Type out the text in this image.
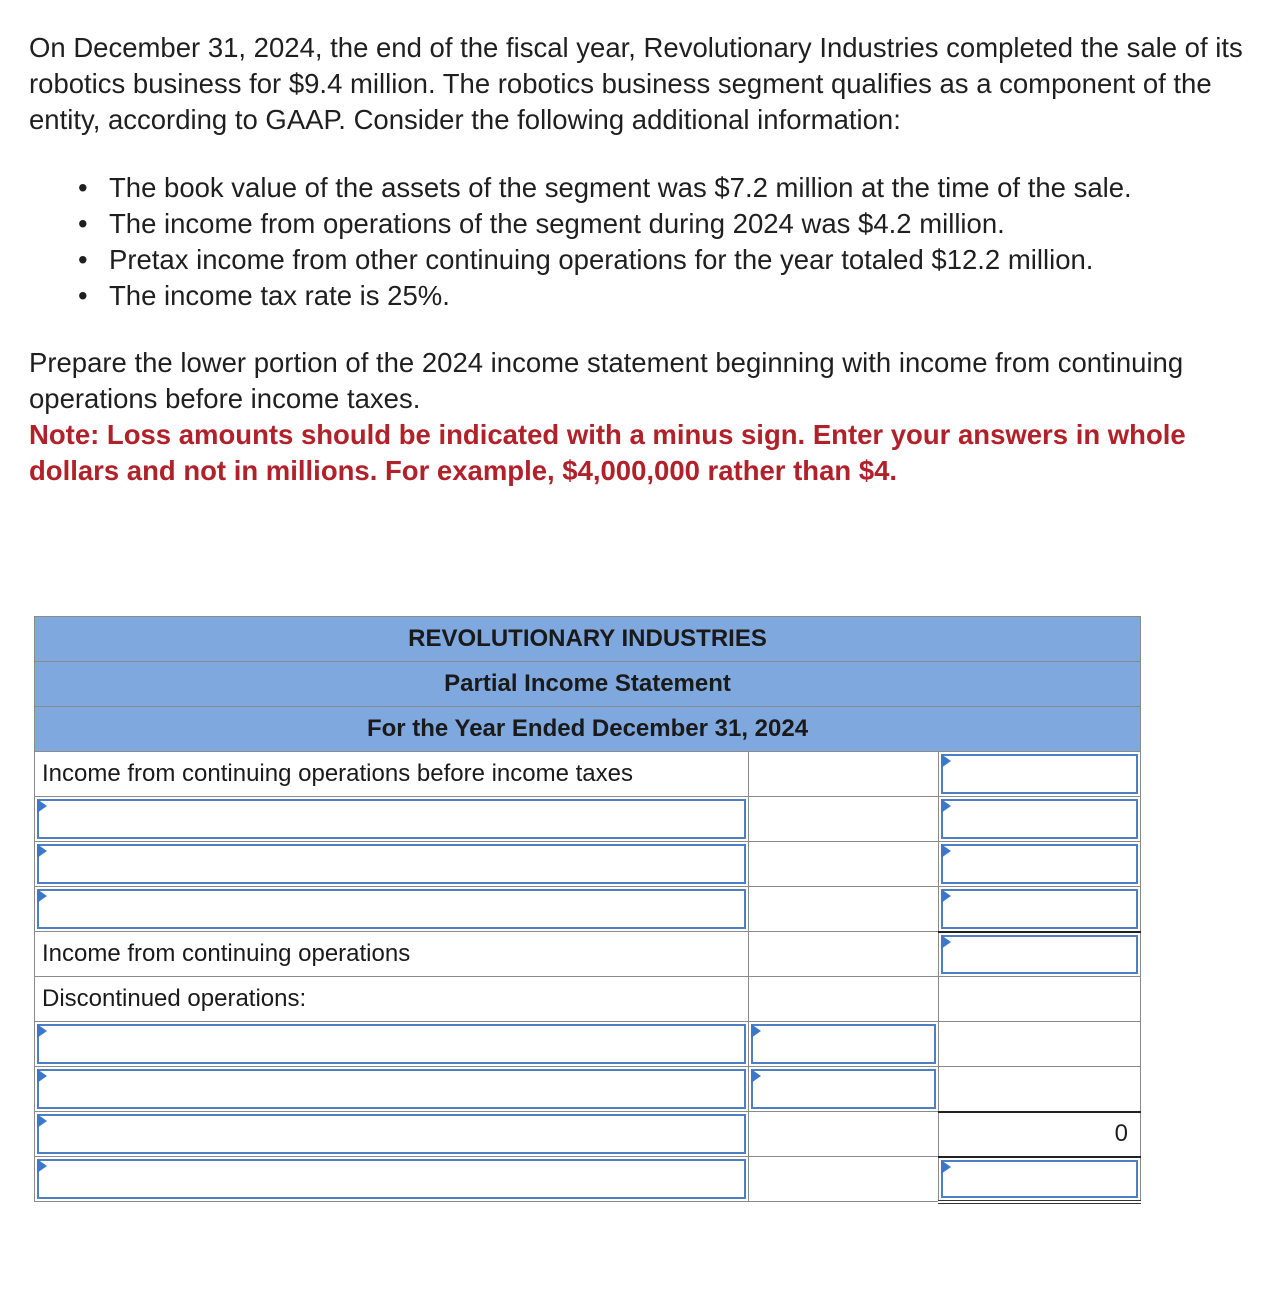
On December 31, 2024, the end of the fiscal year, Revolutionary Industries completed the sale of its robotics business for $9.4 million. The robotics business segment qualifies as a component of the entity, according to GAAP. Consider the following additional information:

• The book value of the assets of the segment was $7.2 million at the time of the sale.
• The income from operations of the segment during 2024 was $4.2 million.
• Pretax income from other continuing operations for the year totaled $12.2 million.
• The income tax rate is 25%.

Prepare the lower portion of the 2024 income statement beginning with income from continuing operations before income taxes.

Note: Loss amounts should be indicated with a minus sign. Enter your answers in whole dollars and not in millions. For example, $4,000,000 rather than $4.

REVOLUTIONARY INDUSTRIES		
Partial Income Statement		
For the Year Ended December 31, 2024		
Income from continuing operations before income taxes		

Income from continuing operations		

Discontinued operations:		

		0
